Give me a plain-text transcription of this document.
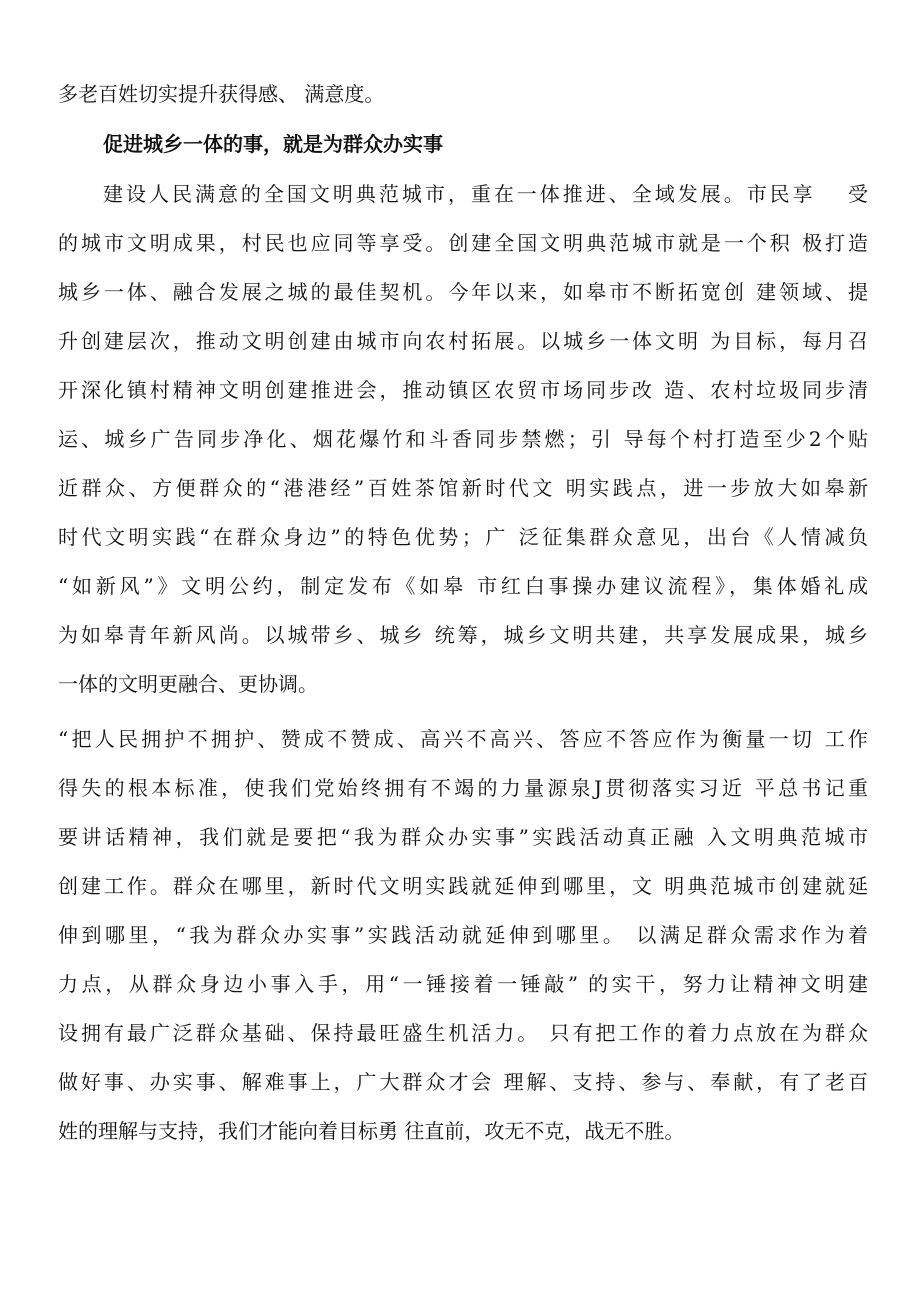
多老百姓切实提升获得感、 满意度。
促进城乡一体的事，就是为群众办实事
建设人民满意的全国文明典范城市，重在一体推进、全域发展。市民享　 受
的城市文明成果，村民也应同等享受。创建全国文明典范城市就是一个积 极打造
城乡一体、融合发展之城的最佳契机。今年以来，如皋市不断拓宽创 建领域、提
升创建层次，推动文明创建由城市向农村拓展。以城乡一体文明 为目标，每月召
开深化镇村精神文明创建推进会，推动镇区农贸市场同步改 造、农村垃圾同步清
运、城乡广告同步净化、烟花爆竹和斗香同步禁燃；引 导每个村打造至少2个贴
近群众、方便群众的“港港经”百姓茶馆新时代文 明实践点，进一步放大如皋新
时代文明实践“在群众身边”的特色优势；广 泛征集群众意见，出台《人情减负
“如新风”》文明公约，制定发布《如皋 市红白事操办建议流程》，集体婚礼成
为如皋青年新风尚。以城带乡、城乡 统筹，城乡文明共建，共享发展成果，城乡
一体的文明更融合、更协调。
“把人民拥护不拥护、赞成不赞成、高兴不高兴、答应不答应作为衡量一切 工作
得失的根本标准，使我们党始终拥有不竭的力量源泉J贯彻落实习近 平总书记重
要讲话精神，我们就是要把“我为群众办实事”实践活动真正融 入文明典范城市
创建工作。群众在哪里，新时代文明实践就延伸到哪里，文 明典范城市创建就延
伸到哪里，“我为群众办实事”实践活动就延伸到哪里。 以满足群众需求作为着
力点，从群众身边小事入手，用“一锤接着一锤敲” 的实干，努力让精神文明建
设拥有最广泛群众基础、保持最旺盛生机活力。 只有把工作的着力点放在为群众
做好事、办实事、解难事上，广大群众才会 理解、支持、参与、奉献，有了老百
姓的理解与支持，我们才能向着目标勇 往直前，攻无不克，战无不胜。
